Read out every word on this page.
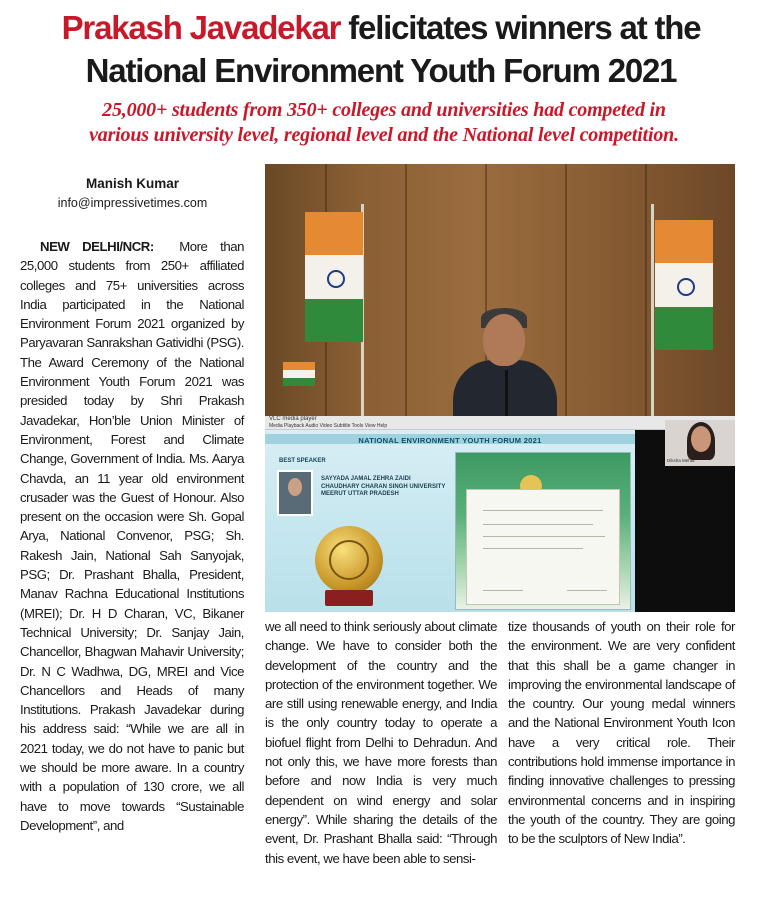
Prakash Javadekar felicitates winners at the
National Environment Youth Forum 2021
25,000+ students from 350+ colleges and universities had competed in
various university level, regional level and the National level competition.
Manish Kumar
info@impressivetimes.com
NEW DELHI/NCR: More than 25,000 students from 250+ affiliated colleges and 75+ universities across India participated in the National Environment Forum 2021 organized by Paryavaran Sanrakshan Gatividhi (PSG). The Award Ceremony of the National Environment Youth Forum 2021 was presided today by Shri Prakash Javadekar, Hon’ble Union Minister of Environment, Forest and Climate Change, Government of India. Ms. Aarya Chavda, an 11 year old environment crusader was the Guest of Honour. Also present on the occasion were Sh. Gopal Arya, National Convenor, PSG; Sh. Rakesh Jain, National Sah Sanyojak, PSG; Dr. Prashant Bhalla, President, Manav Rachna Educational Institutions (MREI); Dr. H D Charan, VC, Bikaner Technical University; Dr. Sanjay Jain, Chancellor, Bhagwan Mahavir University; Dr. N C Wadhwa, DG, MREI and Vice Chancellors and Heads of many Institutions. Prakash Javadekar during his address said: “While we are all in 2021 today, we do not have to panic but we should be more aware. In a country with a population of 130 crore, we all have to move towards “Sustainable Development”, and
VLC media player
Media Playback Audio Video Subtitle Tools View Help
NATIONAL ENVIRONMENT YOUTH FORUM 2021
BEST SPEAKER
SAYYADA JAMAL ZEHRA ZAIDI
CHAUDHARY CHARAN SINGH UNIVERSITY MEERUT UTTAR PRADESH
Diksha Mehta
we all need to think seriously about climate change. We have to consider both the development of the country and the protection of the environment together. We are still using renewable energy, and India is the only country today to operate a biofuel flight from Delhi to Dehradun. And not only this, we have more forests than before and now India is very much dependent on wind energy and solar energy”. While sharing the details of the event, Dr. Prashant Bhalla said: “Through this event, we have been able to sensi-
tize thousands of youth on their role for the environment. We are very confident that this shall be a game changer in improving the environmental landscape of the country. Our young medal winners and the National Environment Youth Icon have a very critical role. Their contributions hold immense importance in finding innovative challenges to pressing environmental concerns and in inspiring the youth of the country. They are going to be the sculptors of New India”.
